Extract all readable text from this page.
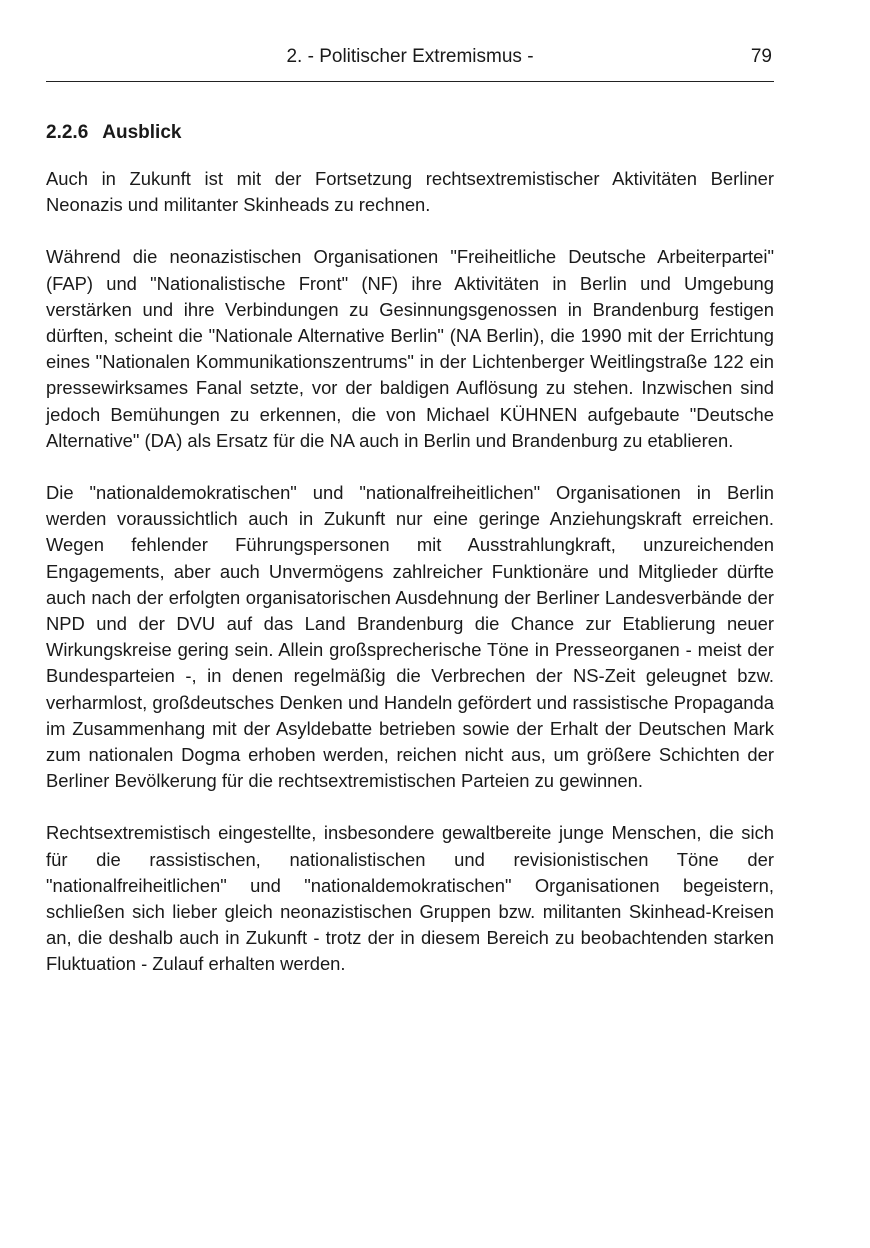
2. - Politischer Extremismus -	79
2.2.6 Ausblick

Auch in Zukunft ist mit der Fortsetzung rechtsextremistischer Aktivitäten Berliner Neonazis und militanter Skinheads zu rechnen.

Während die neonazistischen Organisationen "Freiheitliche Deutsche Arbeiterpartei" (FAP) und "Nationalistische Front" (NF) ihre Aktivitäten in Berlin und Umgebung verstärken und ihre Verbindungen zu Gesinnungsgenossen in Brandenburg festigen dürften, scheint die "Nationale Alternative Berlin" (NA Berlin), die 1990 mit der Errichtung eines "Nationalen Kommunikationszentrums" in der Lichtenberger Weitlingstraße 122 ein pressewirksames Fanal setzte, vor der baldigen Auflösung zu stehen. Inzwischen sind jedoch Bemühungen zu erkennen, die von Michael KÜHNEN aufgebaute "Deutsche Alternative" (DA) als Ersatz für die NA auch in Berlin und Brandenburg zu etablieren.

Die "nationaldemokratischen" und "nationalfreiheitlichen" Organisationen in Berlin werden voraussichtlich auch in Zukunft nur eine geringe Anziehungskraft erreichen. Wegen fehlender Führungspersonen mit Ausstrahlungkraft, unzureichenden Engagements, aber auch Unvermögens zahlreicher Funktionäre und Mitglieder dürfte auch nach der erfolgten organisatorischen Ausdehnung der Berliner Landesverbände der NPD und der DVU auf das Land Brandenburg die Chance zur Etablierung neuer Wirkungskreise gering sein. Allein großsprecherische Töne in Presseorganen - meist der Bundesparteien -, in denen regelmäßig die Verbrechen der NS-Zeit geleugnet bzw. verharmlost, großdeutsches Denken und Handeln gefördert und rassistische Propaganda im Zusammenhang mit der Asyldebatte betrieben sowie der Erhalt der Deutschen Mark zum nationalen Dogma erhoben werden, reichen nicht aus, um größere Schichten der Berliner Bevölkerung für die rechtsextremistischen Parteien zu gewinnen.

Rechtsextremistisch eingestellte, insbesondere gewaltbereite junge Menschen, die sich für die rassistischen, nationalistischen und revisionistischen Töne der "nationalfreiheitlichen" und "nationaldemokratischen" Organisationen begeistern, schließen sich lieber gleich neonazistischen Gruppen bzw. militanten Skinhead-Kreisen an, die deshalb auch in Zukunft - trotz der in diesem Bereich zu beobachtenden starken Fluktuation - Zulauf erhalten werden.
